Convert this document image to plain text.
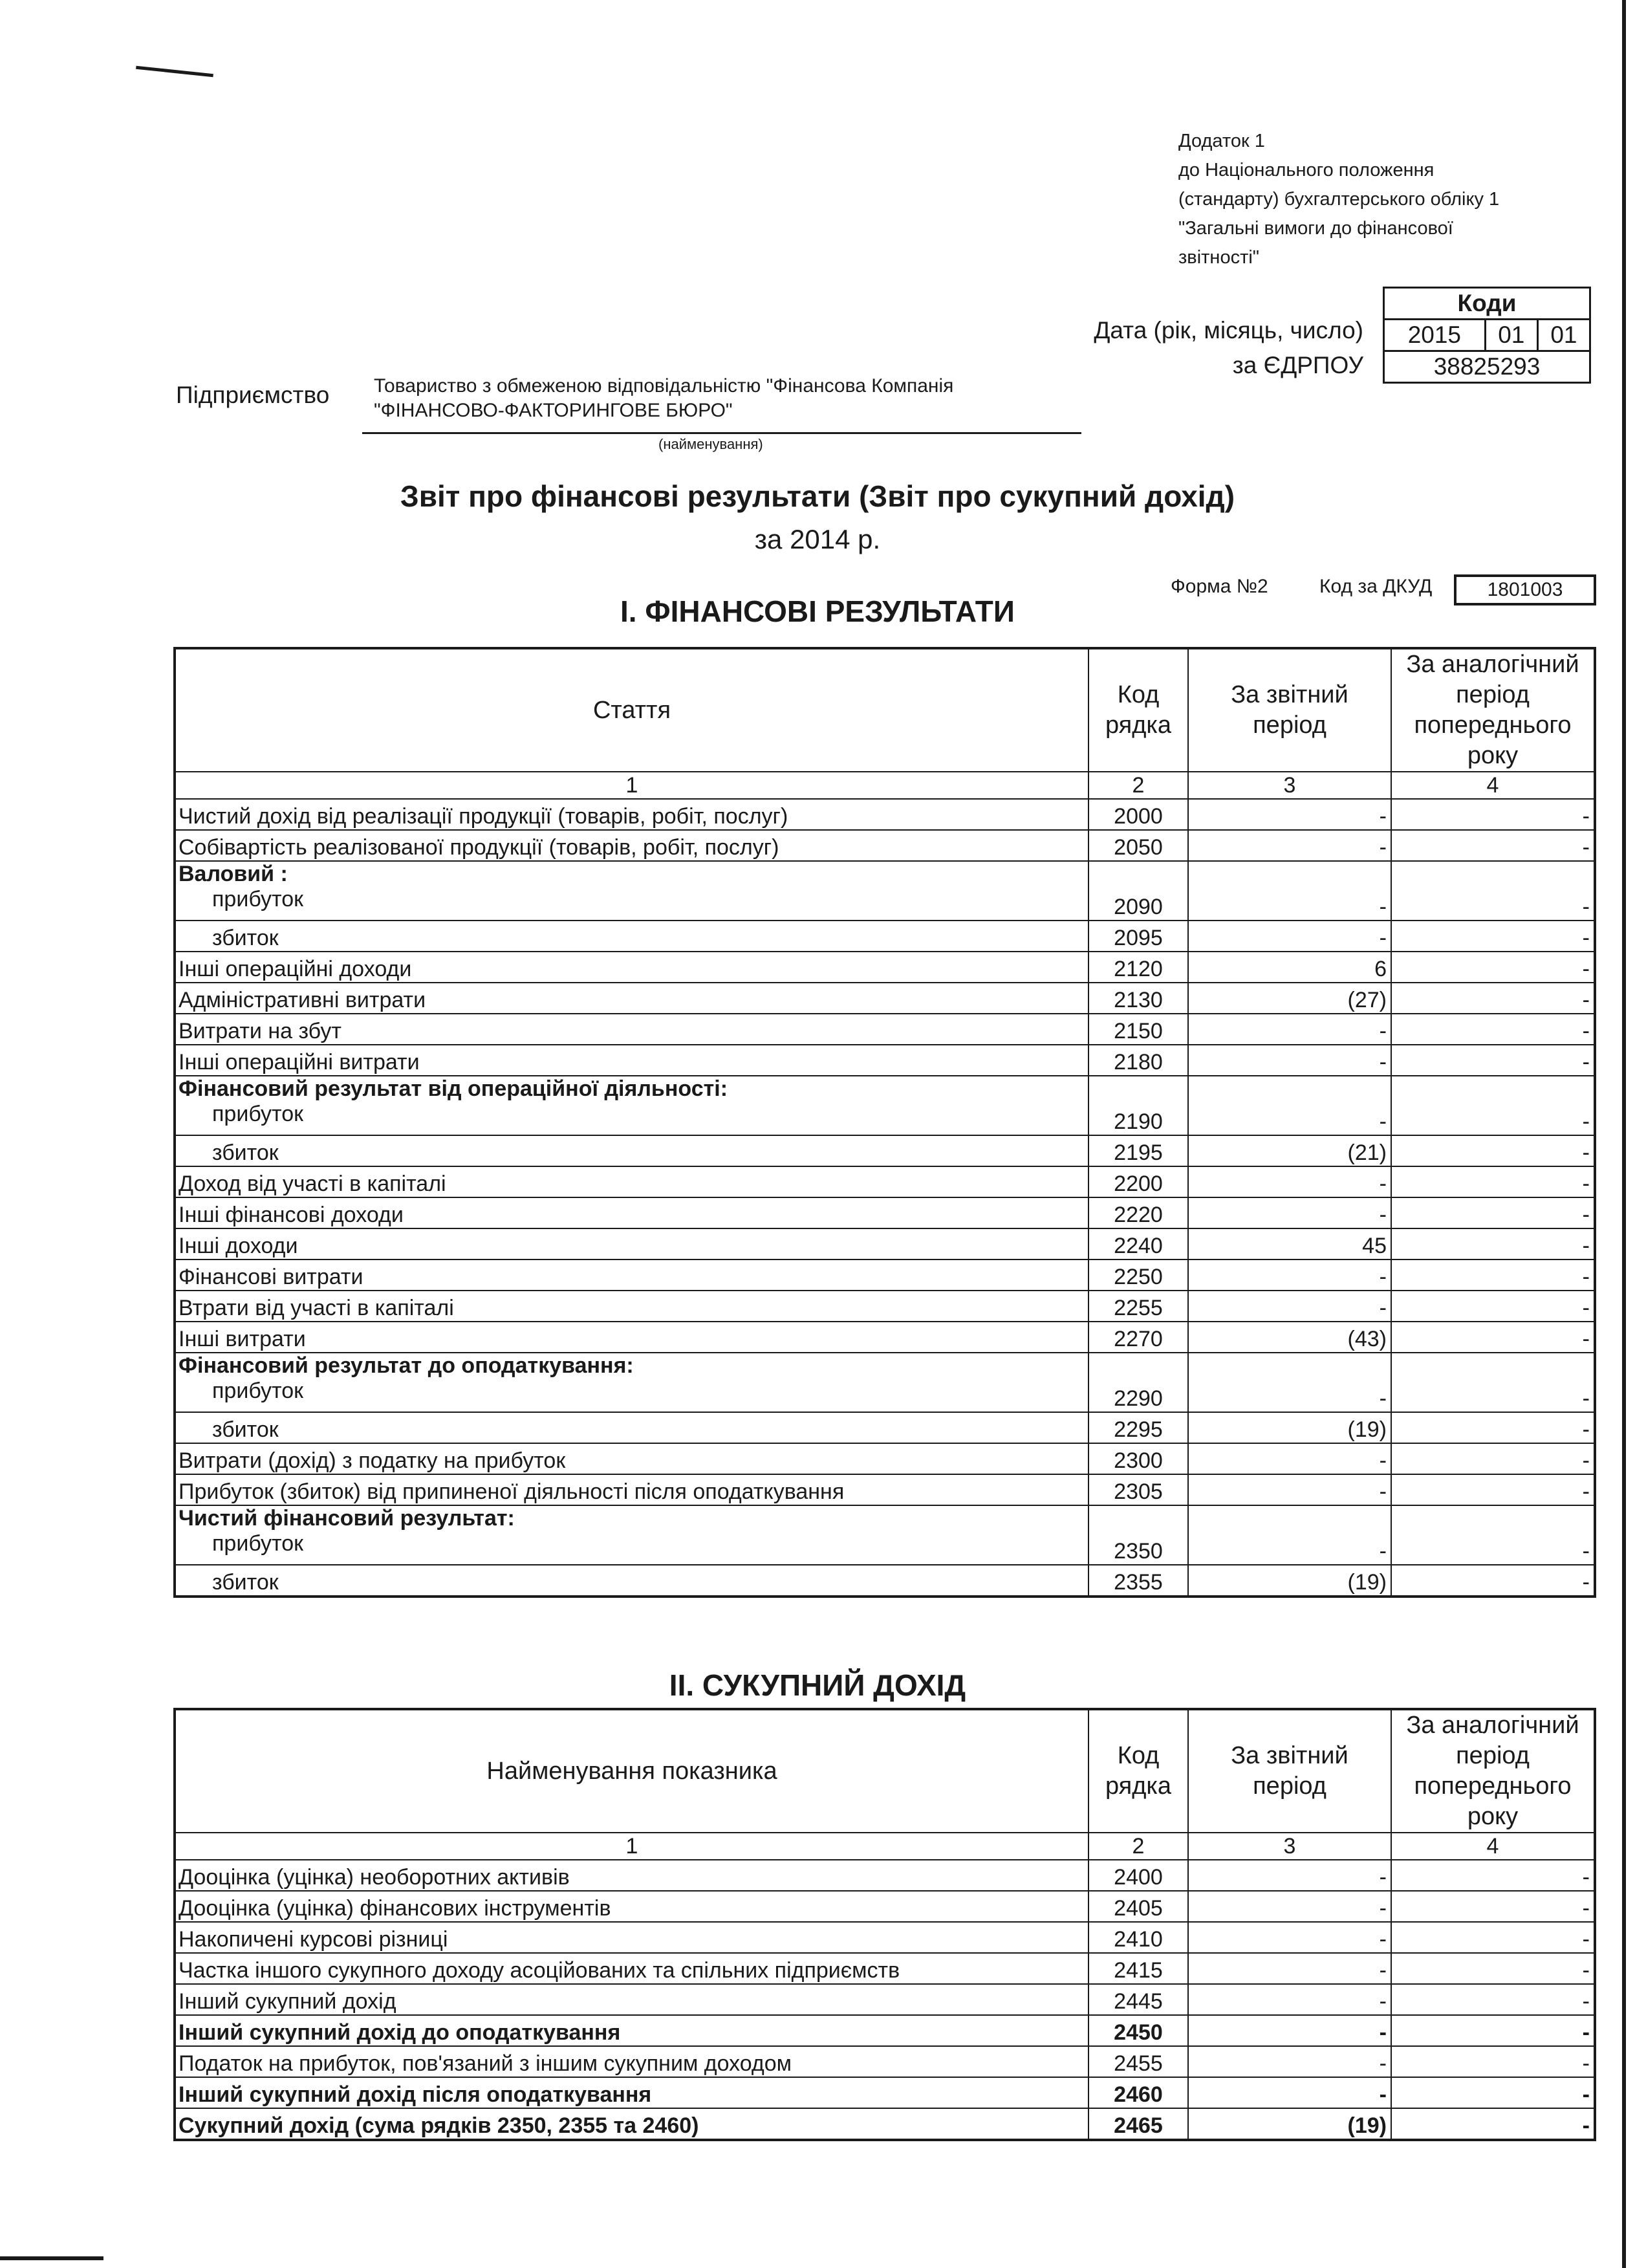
Додаток 1
до Національного положення
(стандарту) бухгалтерського обліку 1
"Загальні вимоги до фінансової
звітності"
Коди
2015	01	01
38825293
Дата (рік, місяць, число)
за ЄДРПОУ
Підприємство Товариство з обмеженою відповідальністю "Фінансова Компанія
"ФІНАНСОВО-ФАКТОРИНГОВЕ БЮРО"
(найменування)
Звіт про фінансові результати (Звіт про сукупний дохід)
за 2014 р.
Форма №2	Код за ДКУД	1801003
I. ФІНАНСОВІ РЕЗУЛЬТАТИ
Стаття	Код рядка	За звітний період	За аналогічний період попереднього року
1	2	3	4
Чистий дохід від реалізації продукції (товарів, робіт, послуг)	2000	-	-
Собівартість реалізованої продукції (товарів, робіт, послуг)	2050	-	-

Валовий :
прибуток	2090	-	-
збиток	2095	-	-
Інші операційні доходи	2120	6	-
Адміністративні витрати	2130	(27)	-
Витрати на збут	2150	-	-
Інші операційні витрати	2180	-	-

Фінансовий результат від операційної діяльності:
прибуток	2190	-	-
збиток	2195	(21)	-
Доход від участі в капіталі	2200	-	-
Інші фінансові доходи	2220	-	-
Інші доходи	2240	45	-
Фінансові витрати	2250	-	-
Втрати від участі в капіталі	2255	-	-
Інші витрати	2270	(43)	-

Фінансовий результат до оподаткування:
прибуток	2290	-	-
збиток	2295	(19)	-
Витрати (дохід) з податку на прибуток	2300	-	-
Прибуток (збиток) від припиненої діяльності після оподаткування	2305	-	-

Чистий фінансовий результат:
прибуток	2350	-	-
збиток	2355	(19)	-
II. СУКУПНИЙ ДОХІД
Найменування показника	Код рядка	За звітний період	За аналогічний період попереднього року
1	2	3	4
Дооцінка (уцінка) необоротних активів	2400	-	-
Дооцінка (уцінка) фінансових інструментів	2405	-	-
Накопичені курсові різниці	2410	-	-
Частка іншого сукупного доходу асоційованих та спільних підприємств	2415	-	-
Інший сукупний дохід	2445	-	-
Інший сукупний дохід до оподаткування	2450	-	-
Податок на прибуток, пов'язаний з іншим сукупним доходом	2455	-	-
Інший сукупний дохід після оподаткування	2460	-	-
Сукупний дохід (сума рядків 2350, 2355 та 2460)	2465	(19)	-
